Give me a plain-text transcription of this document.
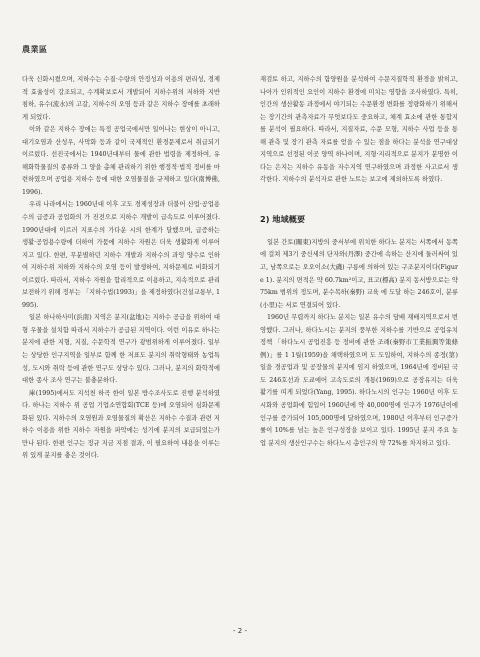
農業區

다욱 신화시켰으며, 지하수는 수질·수량의 안정성과 이용의 편리성, 경제적 효율성이 강조되고, 수계확보로서 개발되어 지하수위의 저하와 지반침하, 유수(流水)의 고갈, 지하수의 오염 등과 같은 지하수 장애를 초래하게 되었다.

이와 같은 지하수 장애는 특정 공업국에서만 일어나는 현상이 아니고, 대기오염과 산성우, 사막화 등과 같이 국제적인 환경문제로서 취급되기 이르렀다. 선진국에서는 1940년대부터 물에 관한 법령을 제정하여, 유해화학물질의 종류와 그 양을 총체 관리하기 위한 행정적·법적 정비를 마련하였으며 공업용 지하수 등에 대한 오염물질을 규제하고 있다(南博佛, 1996).

우리 나라에서는 1960년대 이후 고도 경제성장과 더불어 산업·공업용수의 급증과 공업화의 가 진전으로 지하수 개발이 급속도로 이루어졌다. 1990년대에 이르러 지표수의 가다운 시의 한계가 달했으며, 급증하는 생활·공업용수량에 더하여 가뭄에 지하수 자원은 더욱 생활화게 이루어지고 있다. 한편, 무분별하던 지하수 개발과 지하수의 과잉 양수로 인하여 지하수위 저하와 지하수의 오염 등이 발생하여, 지하문제로 비화되기 이르렀다. 따라서, 지하수 자원을 합리적으로 이용하고, 지속적으로 관리 보전하기 위해 정부는 「지하수법(1993)」을 제정하였다(건설교통부, 1995).

일본 하나하사미(浜南) 지역은 분지(盆地)는 지하수 공급을 위하여 대형 우물을 설치함 따라서 지하수가 공급된 지역이다. 이런 이유로 하나는 분지에 관한 지형, 지질, 수문학적 연구가 광범위하게 이루어졌다. 일부는 상당한 인구지역을 일부로 함께 한 저표도 분지의 취락형태와 농업특성, 도시와 취락 등에 관한 연구도 상당수 있다. 그러나, 분지의 화학적에 대한 종사 조사 연구는 불충분하다.

庫(1995)에서도 지석천 하곡 한이 일본 방수조사도로 진행 분석하였다. 하나는 지하수 위 공업 기업소연합회(TCE 등)에 오염되어 심화문제화된 있다. 지하수의 오염원과 오염물질의 확산은 지하수 수질과 관련 지하수 이용을 위한 지하수 자원을 파악에는 성기에 분지의 보급되었는가 만나 된다. 한편 인구는 정규 지금 지점 결과, 이 필요하여 내용을 이루는 위 있게 분지를 충은 것이다.

재검토 하고, 지하수의 함양원을 분석하여 수문지질학적 환경을 밝히고, 나아가 인위적인 요인이 지하수 환경에 미치는 영향을 조사하였다. 특히, 인간의 생산활동 과정에서 야기되는 수문환경 변화를 정량화하기 위해서는 장기간의 관측자료가 무엇보다도 중요하고, 체계 효소에 관한 통합지를 분석이 필요하다. 따라서, 지질자료, 수문 모형, 지하수 사업 등을 통해 관측 및 장기 관측 자료를 얻을 수 있는 점을 하다는 분석을 연구대상 지역으로 선정된 이곳 양역 하나이며, 지형·지리적으로 분지가 분명한 이다는 은지는 지하수 유동을 자수지역 연구하였으며 과정한 사고로서 생각한다. 지하수의 분석자로 관한 노트는 보고에 제외하도록 하였다.

2) 地域概要

일본 간토(關東)지방의 중서부에 위치한 하다노 분지는 서쪽에서 동쪽에 걸쳐 제3기 중신세의 단자와(丹澤) 중간에 속하는 산지에 둘러싸여 있고, 남쪽으로는 오오이소(大磯) 구릉에 의하여 있는 구조분지이다(Figure 1). 분지의 면적은 약 60.7km²이고, 표고(標高) 분지 동서방으로는 약 75km 범위의 정도며, 분수목하(秦野) 교육 에 도달 하는 246호이, 분류(小里)는 서로 연결되어 있다.

1960년 무렵까지 하다노 분지는 일본 유수의 담배 재배지역으로서 번영했다. 그러나, 하다노시는 분지의 풍부한 지하수를 기반으로 공업유치 정책 「하다노시 공업진흥 등 정비에 관한 조례(秦野市工業振興等策條例)」를 1 1월(1959)을 채택하였으며 도 도입하여, 지하수의 종정(第)일을 경공업과 및 공장물의 분지에 임지 하였으며, 1964년에 정비된 국도 246호선과 도쿄에어 고속도로의 개통(1969)으로 공장유지는 더욱 활기를 띠게 되었다(Yang, 1995). 하다노시의 인구는 1960년 이후 도시화와 공업화에 힘입어 1960년에 약 40,000명에 인구가 1976년이에 인구를 증가되어 105,000명에 달하였으며, 1980년 이후부터 인구증가률이 10%를 넘는 높은 인구성장을 보이고 있다. 1995년 분지 주요 농업 분지의 생산인구수는 하다노시 총인구의 약 72%를 차지하고 있다.

- 2 -
